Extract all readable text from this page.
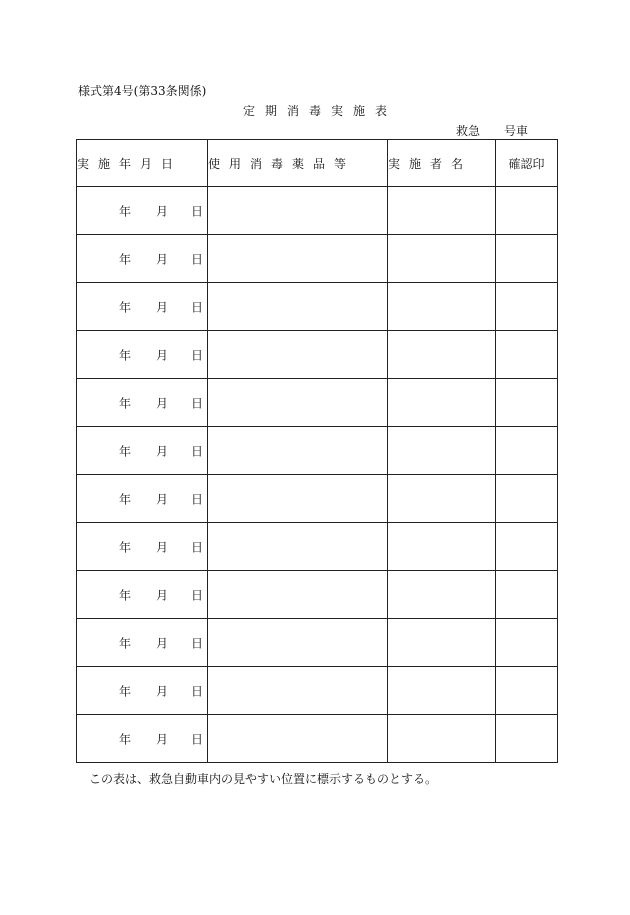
様式第4号(第33条関係)
定期消毒実施表
救急 号車
実施年月日	使用消毒薬品等	実施者名	確認印

年 月 日			

年 月 日			

年 月 日			

年 月 日			

年 月 日			

年 月 日			

年 月 日			

年 月 日			

年 月 日			

年 月 日			

年 月 日			

年 月 日			

この表は、救急自動車内の見やすい位置に標示するものとする。
